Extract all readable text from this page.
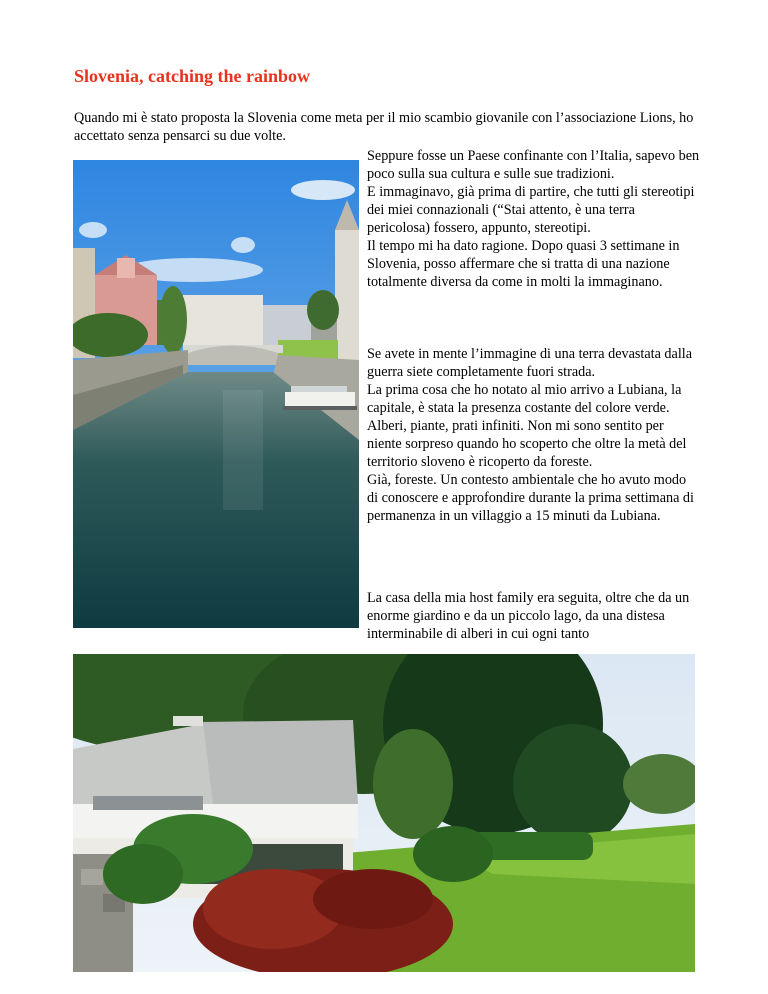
Slovenia, catching the rainbow

Quando mi è stato proposta la Slovenia come meta per il mio scambio giovanile con l’associazione Lions, ho accettato senza pensarci su due volte.

Seppure fosse un Paese confinante con l’Italia, sapevo ben poco sulla sua cultura e sulle sue tradizioni.

E immaginavo, già prima di partire, che tutti gli stereotipi dei miei connazionali (“Stai attento, è una terra pericolosa) fossero, appunto, stereotipi.

Il tempo mi ha dato ragione. Dopo quasi 3 settimane in Slovenia, posso affermare che si tratta di una nazione totalmente diversa da come in molti la immaginano.

Se avete in mente l’immagine di una terra devastata dalla guerra siete completamente fuori strada.

La prima cosa che ho notato al mio arrivo a Lubiana, la capitale, è stata la presenza costante del colore verde. Alberi, piante, prati infiniti. Non mi sono sentito per niente sorpreso quando ho scoperto che oltre la metà del territorio sloveno è ricoperto da foreste.

Già, foreste. Un contesto ambientale che ho avuto modo di conoscere e approfondire durante la prima settimana di permanenza in un villaggio a 15 minuti da Lubiana.

La casa della mia host family era seguita, oltre che da un enorme giardino e da un piccolo lago, da una distesa interminabile di alberi in cui ogni tanto
